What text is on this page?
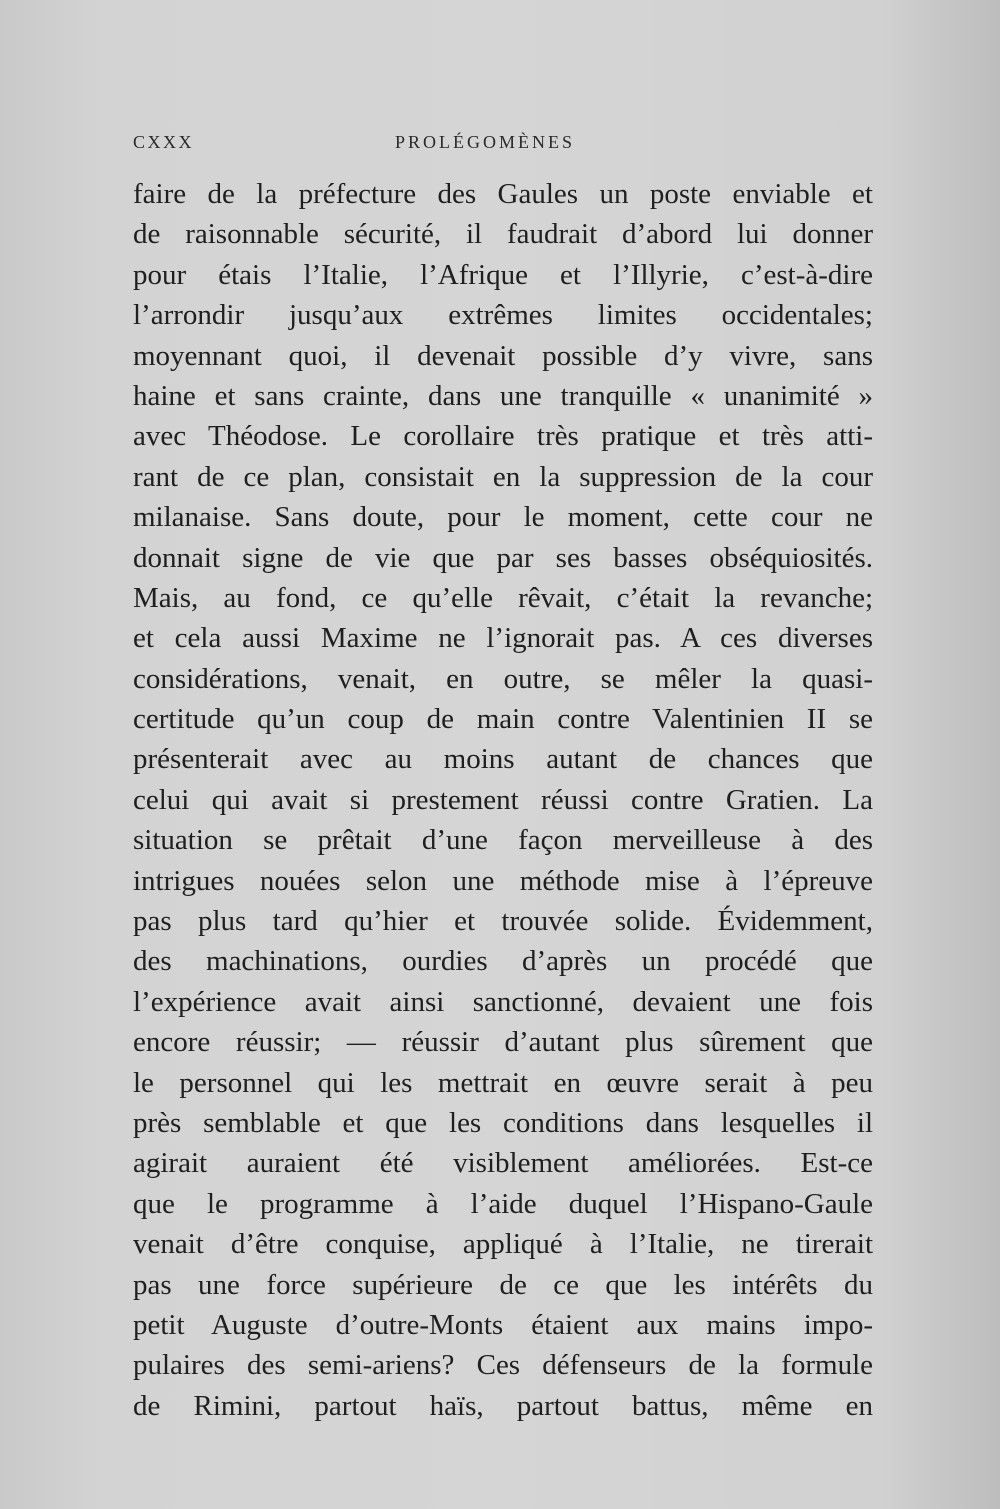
CXXX	PROLÉGOMÈNES
faire de la préfecture des Gaules un poste enviable et
de raisonnable sécurité, il faudrait d’abord lui donner
pour étais l’Italie, l’Afrique et l’Illyrie, c’est-à-dire
l’arrondir jusqu’aux extrêmes limites occidentales;
moyennant quoi, il devenait possible d’y vivre, sans
haine et sans crainte, dans une tranquille « unanimité »
avec Théodose. Le corollaire très pratique et très atti-
rant de ce plan, consistait en la suppression de la cour
milanaise. Sans doute, pour le moment, cette cour ne
donnait signe de vie que par ses basses obséquiosités.
Mais, au fond, ce qu’elle rêvait, c’était la revanche;
et cela aussi Maxime ne l’ignorait pas. A ces diverses
considérations, venait, en outre, se mêler la quasi-
certitude qu’un coup de main contre Valentinien II se
présenterait avec au moins autant de chances que
celui qui avait si prestement réussi contre Gratien. La
situation se prêtait d’une façon merveilleuse à des
intrigues nouées selon une méthode mise à l’épreuve
pas plus tard qu’hier et trouvée solide. Évidemment,
des machinations, ourdies d’après un procédé que
l’expérience avait ainsi sanctionné, devaient une fois
encore réussir; — réussir d’autant plus sûrement que
le personnel qui les mettrait en œuvre serait à peu
près semblable et que les conditions dans lesquelles il
agirait auraient été visiblement améliorées. Est-ce
que le programme à l’aide duquel l’Hispano-Gaule
venait d’être conquise, appliqué à l’Italie, ne tirerait
pas une force supérieure de ce que les intérêts du
petit Auguste d’outre-Monts étaient aux mains impo-
pulaires des semi-ariens? Ces défenseurs de la formule
de Rimini, partout haïs, partout battus, même en
